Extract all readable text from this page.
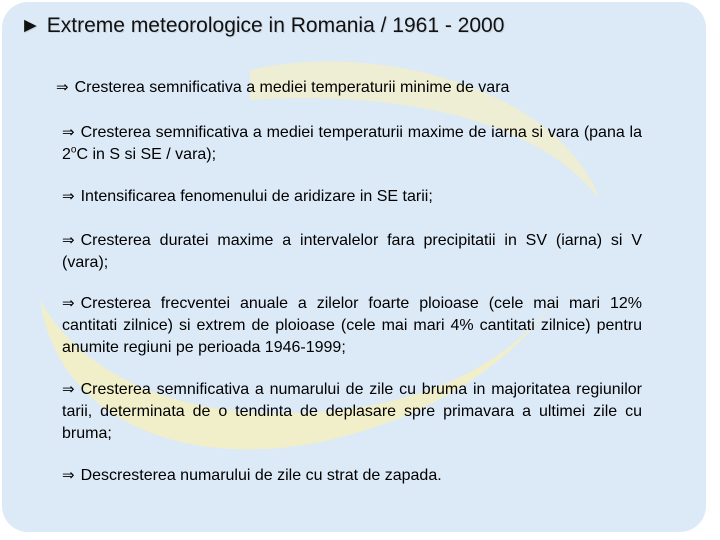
► Extreme meteorologice in Romania / 1961 - 2000
⇒ Cresterea semnificativa a mediei temperaturii minime de vara
⇒ Cresterea semnificativa a mediei temperaturii maxime de iarna si vara (pana la 2$^o$C in S si SE / vara);
⇒ Intensificarea fenomenului de aridizare in SE tarii;
⇒ Cresterea duratei maxime a intervalelor fara precipitatii in SV (iarna) si V (vara);
⇒ Cresterea frecventei anuale a zilelor foarte ploioase (cele mai mari 12% cantitati zilnice) si extrem de ploioase (cele mai mari 4% cantitati zilnice) pentru anumite regiuni pe perioada 1946-1999;
⇒ Cresterea semnificativa a numarului de zile cu bruma in majoritatea regiunilor tarii, determinata de o tendinta de deplasare spre primavara a ultimei zile cu bruma;
⇒ Descresterea numarului de zile cu strat de zapada.
